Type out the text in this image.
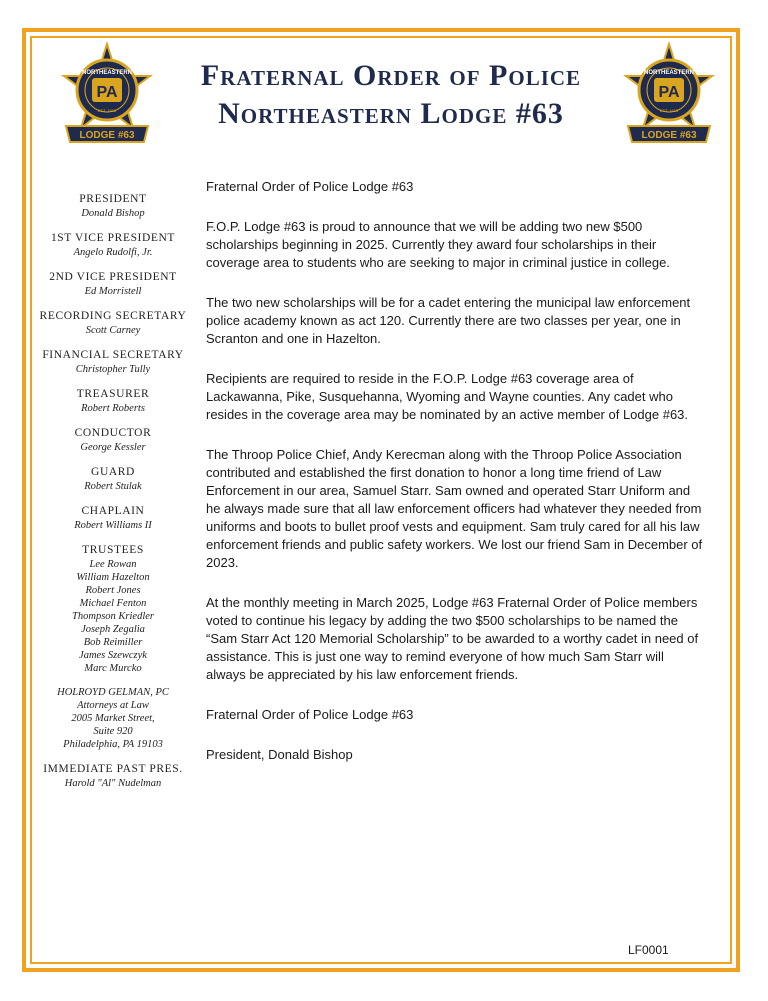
PA
NORTHEASTERN
EST. 1915
LODGE #63
PA
NORTHEASTERN
EST. 1915
LODGE #63
Fraternal Order of Police
Northeastern Lodge #63
PRESIDENT
Donald Bishop
1ST VICE PRESIDENT
Angelo Rudolfi, Jr.
2ND VICE PRESIDENT
Ed Morristell
RECORDING SECRETARY
Scott Carney
FINANCIAL SECRETARY
Christopher Tully
TREASURER
Robert Roberts
CONDUCTOR
George Kessler
GUARD
Robert Stulak
CHAPLAIN
Robert Williams II
TRUSTEES
Lee Rowan
William Hazelton
Robert Jones
Michael Fenton
Thompson Kriedler
Joseph Zegalia
Bob Reimiller
James Szewczyk
Marc Murcko
HOLROYD GELMAN, PC
Attorneys at Law
2005 Market Street,
Suite 920
Philadelphia, PA 19103
IMMEDIATE PAST PRES.
Harold "Al" Nudelman

Fraternal Order of Police Lodge #63

F.O.P. Lodge #63 is proud to announce that we will be adding two new $500 scholarships beginning in 2025. Currently they award four scholarships in their coverage area to students who are seeking to major in criminal justice in college.

The two new scholarships will be for a cadet entering the municipal law enforcement police academy known as act 120. Currently there are two classes per year, one in Scranton and one in Hazelton.

Recipients are required to reside in the F.O.P. Lodge #63 coverage area of Lackawanna, Pike, Susquehanna, Wyoming and Wayne counties. Any cadet who resides in the coverage area may be nominated by an active member of Lodge #63.

The Throop Police Chief, Andy Kerecman along with the Throop Police Association contributed and established the first donation to honor a long time friend of Law Enforcement in our area, Samuel Starr. Sam owned and operated Starr Uniform and he always made sure that all law enforcement officers had whatever they needed from uniforms and boots to bullet proof vests and equipment. Sam truly cared for all his law enforcement friends and public safety workers. We lost our friend Sam in December of 2023.

At the monthly meeting in March 2025, Lodge #63 Fraternal Order of Police members voted to continue his legacy by adding the two $500 scholarships to be named the “Sam Starr Act 120 Memorial Scholarship” to be awarded to a worthy cadet in need of assistance. This is just one way to remind everyone of how much Sam Starr will always be appreciated by his law enforcement friends.

Fraternal Order of Police Lodge #63

President, Donald Bishop

LF0001
